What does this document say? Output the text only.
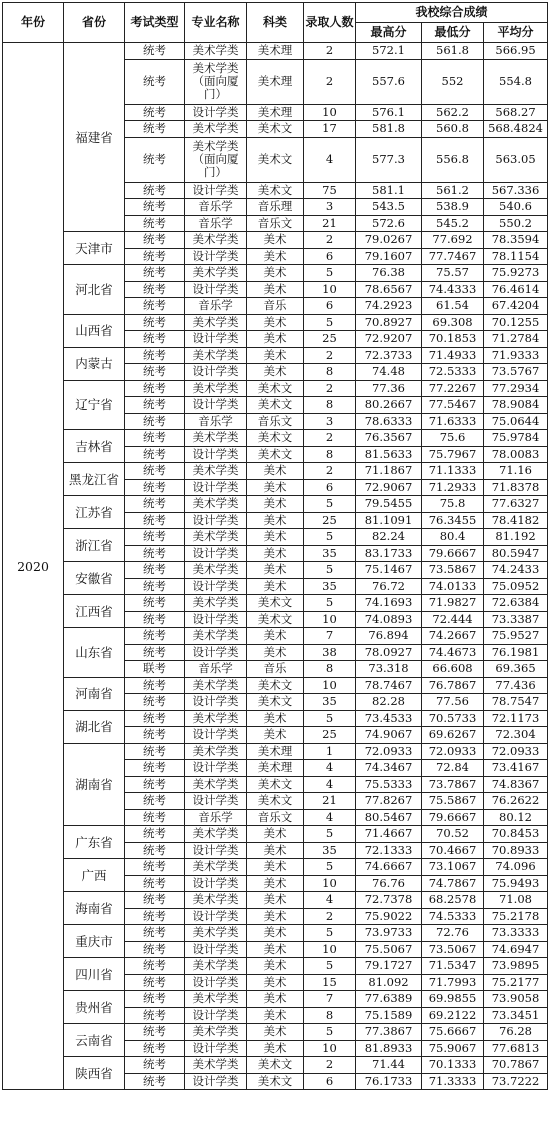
年份	省份	考试类型	专业名称	科类	录取人数	我校综合成绩		
						最高分	最低分	平均分
2020	福建省	统考	美术学类	美术理	2	572.1	561.8	566.95
		统考	美术学类（面向厦门）	美术理	2	557.6	552	554.8
		统考	设计学类	美术理	10	576.1	562.2	568.27
		统考	美术学类	美术文	17	581.8	560.8	568.4824
		统考	美术学类（面向厦门）	美术文	4	577.3	556.8	563.05
		统考	设计学类	美术文	75	581.1	561.2	567.336
		统考	音乐学	音乐理	3	543.5	538.9	540.6
		统考	音乐学	音乐文	21	572.6	545.2	550.2
	天津市	统考	美术学类	美术	2	79.0267	77.692	78.3594
		统考	设计学类	美术	6	79.1607	77.7467	78.1154
	河北省	统考	美术学类	美术	5	76.38	75.57	75.9273
		统考	设计学类	美术	10	78.6567	74.4333	76.4614
		统考	音乐学	音乐	6	74.2923	61.54	67.4204
	山西省	统考	美术学类	美术	5	70.8927	69.308	70.1255
		统考	设计学类	美术	25	72.9207	70.1853	71.2784
	内蒙古	统考	美术学类	美术	2	72.3733	71.4933	71.9333
		统考	设计学类	美术	8	74.48	72.5333	73.5767
	辽宁省	统考	美术学类	美术文	2	77.36	77.2267	77.2934
		统考	设计学类	美术文	8	80.2667	77.5467	78.9084
		统考	音乐学	音乐文	3	78.6333	71.6333	75.0644
	吉林省	统考	美术学类	美术文	2	76.3567	75.6	75.9784
		统考	设计学类	美术文	8	81.5633	75.7967	78.0083
	黑龙江省	统考	美术学类	美术	2	71.1867	71.1333	71.16
		统考	设计学类	美术	6	72.9067	71.2933	71.8378
	江苏省	统考	美术学类	美术	5	79.5455	75.8	77.6327
		统考	设计学类	美术	25	81.1091	76.3455	78.4182
	浙江省	统考	美术学类	美术	5	82.24	80.4	81.192
		统考	设计学类	美术	35	83.1733	79.6667	80.5947
	安徽省	统考	美术学类	美术	5	75.1467	73.5867	74.2433
		统考	设计学类	美术	35	76.72	74.0133	75.0952
	江西省	统考	美术学类	美术文	5	74.1693	71.9827	72.6384
		统考	设计学类	美术文	10	74.0893	72.444	73.3387
	山东省	统考	美术学类	美术	7	76.894	74.2667	75.9527
		统考	设计学类	美术	38	78.0927	74.4673	76.1981
		联考	音乐学	音乐	8	73.318	66.608	69.365
	河南省	统考	美术学类	美术文	10	78.7467	76.7867	77.436
		统考	设计学类	美术文	35	82.28	77.56	78.7547
	湖北省	统考	美术学类	美术	5	73.4533	70.5733	72.1173
		统考	设计学类	美术	25	74.9067	69.6267	72.304
	湖南省	统考	美术学类	美术理	1	72.0933	72.0933	72.0933
		统考	设计学类	美术理	4	74.3467	72.84	73.4167
		统考	美术学类	美术文	4	75.5333	73.7867	74.8367
		统考	设计学类	美术文	21	77.8267	75.5867	76.2622
		统考	音乐学	音乐文	4	80.5467	79.6667	80.12
	广东省	统考	美术学类	美术	5	71.4667	70.52	70.8453
		统考	设计学类	美术	35	72.1333	70.4667	70.8933
	广西	统考	美术学类	美术	5	74.6667	73.1067	74.096
		统考	设计学类	美术	10	76.76	74.7867	75.9493
	海南省	统考	美术学类	美术	4	72.7378	68.2578	71.08
		统考	设计学类	美术	2	75.9022	74.5333	75.2178
	重庆市	统考	美术学类	美术	5	73.9733	72.76	73.3333
		统考	设计学类	美术	10	75.5067	73.5067	74.6947
	四川省	统考	美术学类	美术	5	79.1727	71.5347	73.9895
		统考	设计学类	美术	15	81.092	71.7993	75.2177
	贵州省	统考	美术学类	美术	7	77.6389	69.9855	73.9058
		统考	设计学类	美术	8	75.1589	69.2122	73.3451
	云南省	统考	美术学类	美术	5	77.3867	75.6667	76.28
		统考	设计学类	美术	10	81.8933	75.9067	77.6813
	陕西省	统考	美术学类	美术文	2	71.44	70.1333	70.7867
		统考	设计学类	美术文	6	76.1733	71.3333	73.7222
